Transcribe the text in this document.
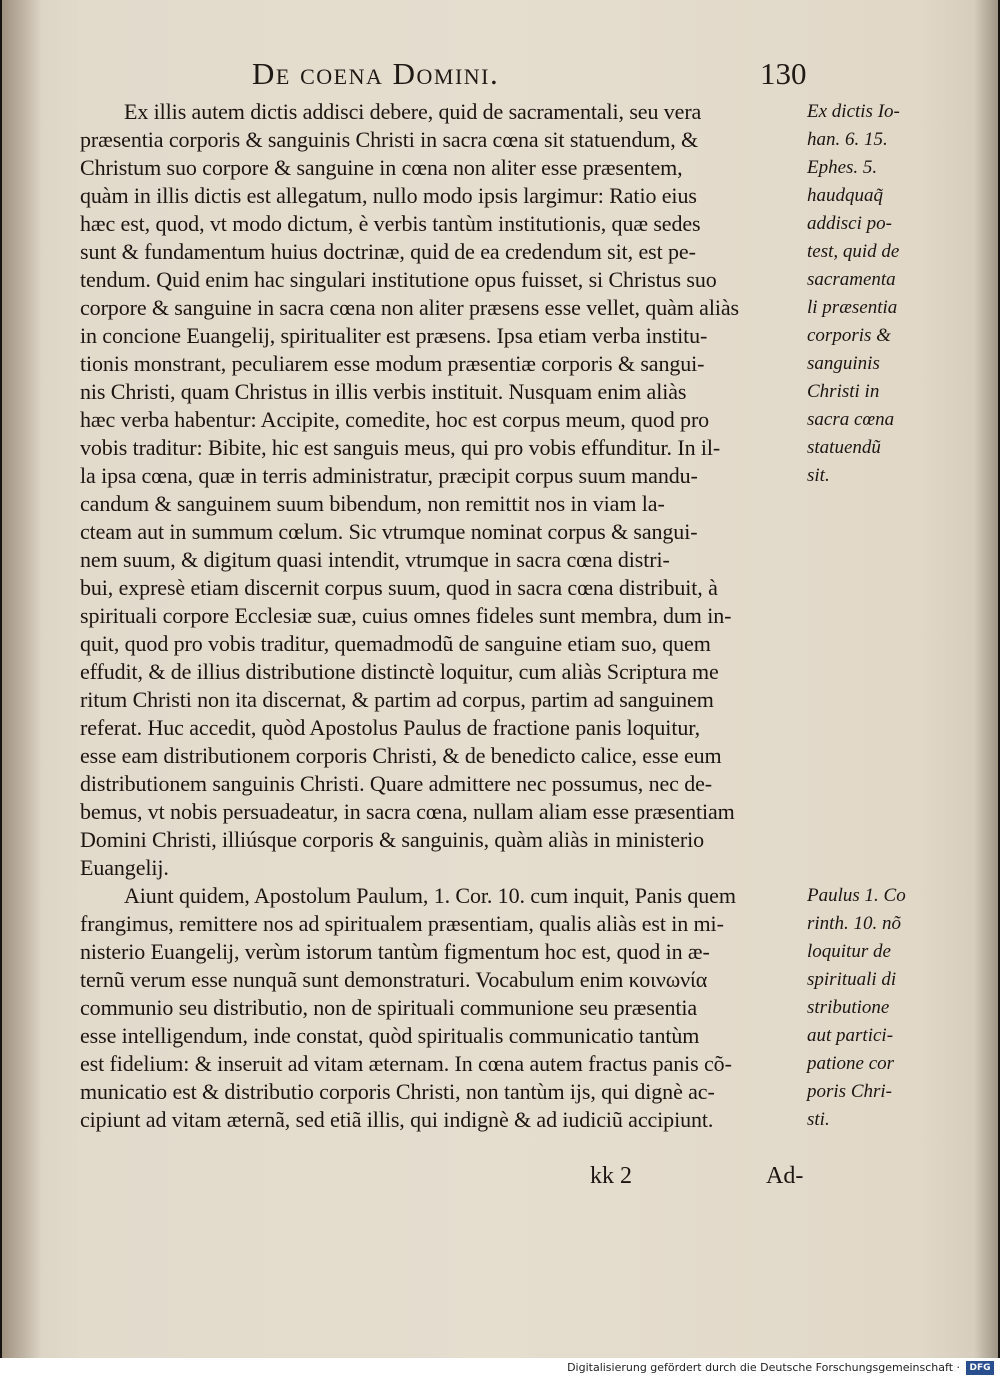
De coena Domini.	130
Ex illis autem dictis addisci debere, quid de sacramentali, seu vera
præsentia corporis & sanguinis Christi in sacra cœna sit statuendum, &
Christum suo corpore & sanguine in cœna non aliter esse præsentem,
quàm in illis dictis est allegatum, nullo modo ipsis largimur: Ratio eius
hæc est, quod, vt modo dictum, è verbis tantùm institutionis, quæ sedes
sunt & fundamentum huius doctrinæ, quid de ea credendum sit, est pe-
tendum. Quid enim hac singulari institutione opus fuisset, si Christus suo
corpore & sanguine in sacra cœna non aliter præsens esse vellet, quàm aliàs
in concione Euangelij, spiritualiter est præsens. Ipsa etiam verba institu-
tionis monstrant, peculiarem esse modum præsentiæ corporis & sangui-
nis Christi, quam Christus in illis verbis instituit. Nusquam enim aliàs
hæc verba habentur: Accipite, comedite, hoc est corpus meum, quod pro
vobis traditur: Bibite, hic est sanguis meus, qui pro vobis effunditur. In il-
la ipsa cœna, quæ in terris administratur, præcipit corpus suum mandu-
candum & sanguinem suum bibendum, non remittit nos in viam la-
cteam aut in summum cœlum. Sic vtrumque nominat corpus & sangui-
nem suum, & digitum quasi intendit, vtrumque in sacra cœna distri-
bui, expresè etiam discernit corpus suum, quod in sacra cœna distribuit, à
spirituali corpore Ecclesiæ suæ, cuius omnes fideles sunt membra, dum in-
quit, quod pro vobis traditur, quemadmodũ de sanguine etiam suo, quem
effudit, & de illius distributione distinctè loquitur, cum aliàs Scriptura me
ritum Christi non ita discernat, & partim ad corpus, partim ad sanguinem
referat. Huc accedit, quòd Apostolus Paulus de fractione panis loquitur,
esse eam distributionem corporis Christi, & de benedicto calice, esse eum
distributionem sanguinis Christi. Quare admittere nec possumus, nec de-
bemus, vt nobis persuadeatur, in sacra cœna, nullam aliam esse præsentiam
Domini Christi, illiúsque corporis & sanguinis, quàm aliàs in ministerio
Euangelij.
Aiunt quidem, Apostolum Paulum, 1. Cor. 10. cum inquit, Panis quem
frangimus, remittere nos ad spiritualem præsentiam, qualis aliàs est in mi-
nisterio Euangelij, verùm istorum tantùm figmentum hoc est, quod in æ-
ternũ verum esse nunquã sunt demonstraturi. Vocabulum enim κοινωνία
communio seu distributio, non de spirituali communione seu præsentia
esse intelligendum, inde constat, quòd spiritualis communicatio tantùm
est fidelium: & inseruit ad vitam æternam. In cœna autem fractus panis cõ-
municatio est & distributio corporis Christi, non tantùm ijs, qui dignè ac-
cipiunt ad vitam æternã, sed etiã illis, qui indignè & ad iudiciũ accipiunt.
Ex dictis Io-
han. 6. 15.
Ephes. 5.
haudquaq̃
addisci po-
test, quid de
sacramenta
li præsentia
corporis &
sanguinis
Christi in
sacra cœna
statuendũ
sit.
Paulus 1. Co
rinth. 10. nõ
loquitur de
spirituali di
stributione
aut partici-
patione cor
poris Chri-
sti.
kk 2	Ad-
Digitalisierung gefördert durch die Deutsche Forschungsgemeinschaft ·	DFG
